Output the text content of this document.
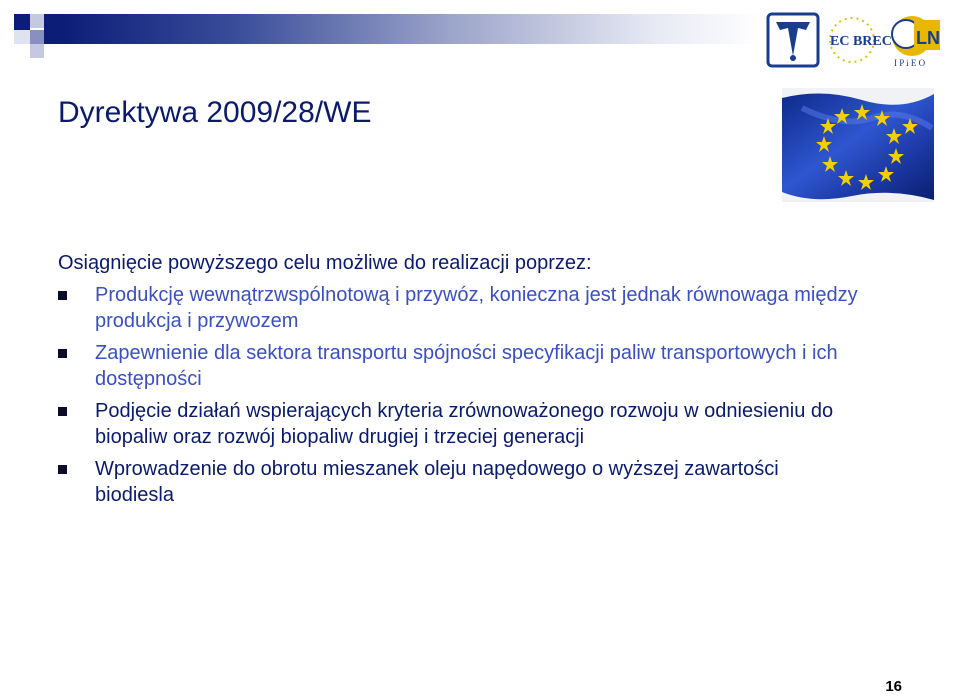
EC BREC LN
I P i E O
Dyrektywa 2009/28/WE

Osiągnięcie powyższego celu możliwe do realizacji poprzez:

Produkcję wewnątrzwspólnotową i przywóz, konieczna jest jednak równowaga między produkcja i przywozem
Zapewnienie dla sektora transportu spójności specyfikacji paliw transportowych i ich dostępności
Podjęcie działań wspierających kryteria zrównoważonego rozwoju w odniesieniu do biopaliw oraz rozwój biopaliw drugiej i trzeciej generacji
Wprowadzenie do obrotu mieszanek oleju napędowego o wyższej zawartości biodiesla
16
